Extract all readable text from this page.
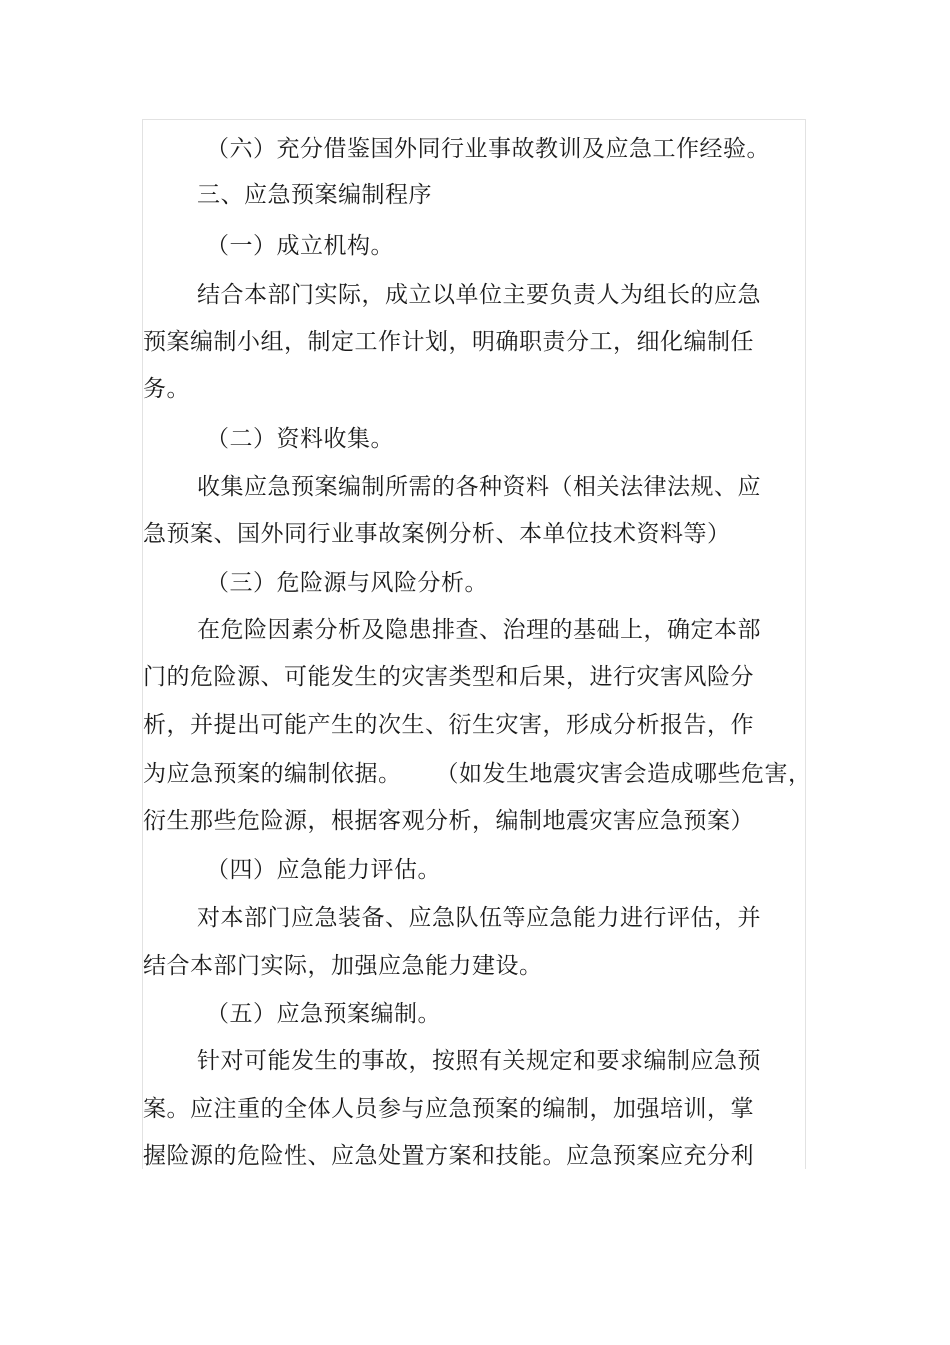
（六）充分借鉴国外同行业事故教训及应急工作经验。
三、应急预案编制程序
（一）成立机构。
结合本部门实际，成立以单位主要负责人为组长的应急
预案编制小组，制定工作计划，明确职责分工，细化编制任
务。
（二）资料收集。
收集应急预案编制所需的各种资料（相关法律法规、应
急预案、国外同行业事故案例分析、本单位技术资料等）
（三）危险源与风险分析。
在危险因素分析及隐患排查、治理的基础上，确定本部
门的危险源、可能发生的灾害类型和后果，进行灾害风险分
析，并提出可能产生的次生、衍生灾害，形成分析报告，作
为应急预案的编制依据。 （如发生地震灾害会造成哪些危害，
衍生那些危险源，根据客观分析，编制地震灾害应急预案）
（四）应急能力评估。
对本部门应急装备、应急队伍等应急能力进行评估，并
结合本部门实际，加强应急能力建设。
（五）应急预案编制。
针对可能发生的事故，按照有关规定和要求编制应急预
案。应注重的全体人员参与应急预案的编制，加强培训，掌
握险源的危险性、应急处置方案和技能。应急预案应充分利
